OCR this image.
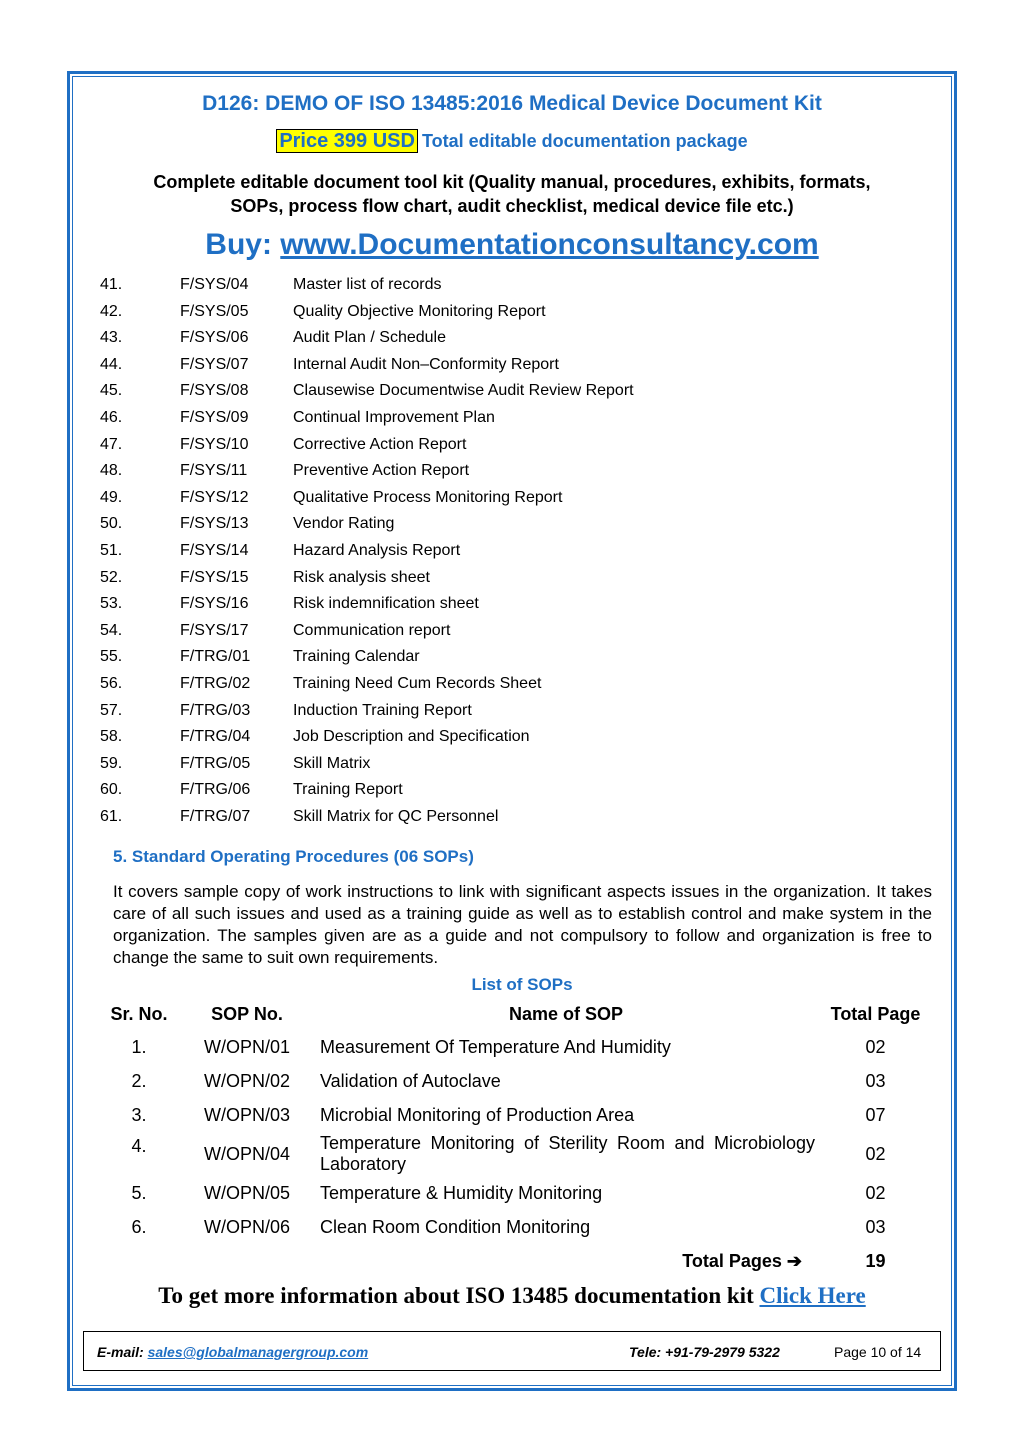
D126: DEMO OF ISO 13485:2016 Medical Device Document Kit
Price 399 USD Total editable documentation package
Complete editable document tool kit (Quality manual, procedures, exhibits, formats,
SOPs, process flow chart, audit checklist, medical device file etc.)
Buy: www.Documentationconsultancy.com
41.	F/SYS/04	Master list of records
42.	F/SYS/05	Quality Objective Monitoring Report
43.	F/SYS/06	Audit Plan / Schedule
44.	F/SYS/07	Internal Audit Non–Conformity Report
45.	F/SYS/08	Clausewise Documentwise Audit Review Report
46.	F/SYS/09	Continual Improvement Plan
47.	F/SYS/10	Corrective Action Report
48.	F/SYS/11	Preventive Action Report
49.	F/SYS/12	Qualitative Process Monitoring Report
50.	F/SYS/13	Vendor Rating
51.	F/SYS/14	Hazard Analysis Report
52.	F/SYS/15	Risk analysis sheet
53.	F/SYS/16	Risk indemnification sheet
54.	F/SYS/17	Communication report
55.	F/TRG/01	Training Calendar
56.	F/TRG/02	Training Need Cum Records Sheet
57.	F/TRG/03	Induction Training Report
58.	F/TRG/04	Job Description and Specification
59.	F/TRG/05	Skill Matrix
60.	F/TRG/06	Training Report
61.	F/TRG/07	Skill Matrix for QC Personnel
5. Standard Operating Procedures (06 SOPs)
It covers sample copy of work instructions to link with significant aspects issues in the organization. It takes care of all such issues and used as a training guide as well as to establish control and make system in the organization. The samples given are as a guide and not compulsory to follow and organization is free to change the same to suit own requirements.
List of SOPs
Sr. No.	SOP No.	Name of SOP	Total Page
1.	W/OPN/01	Measurement Of Temperature And Humidity	02
2.	W/OPN/02	Validation of Autoclave	03
3.	W/OPN/03	Microbial Monitoring of Production Area	07
4.	W/OPN/04	Temperature Monitoring of Sterility Room and Microbiology Laboratory	02
5.	W/OPN/05	Temperature & Humidity Monitoring	02
6.	W/OPN/06	Clean Room Condition Monitoring	03
Total Pages ➔			19
To get more information about ISO 13485 documentation kit Click Here
E-mail: sales@globalmanagergroup.com	Tele: +91-79-2979 5322	Page 10 of 14
